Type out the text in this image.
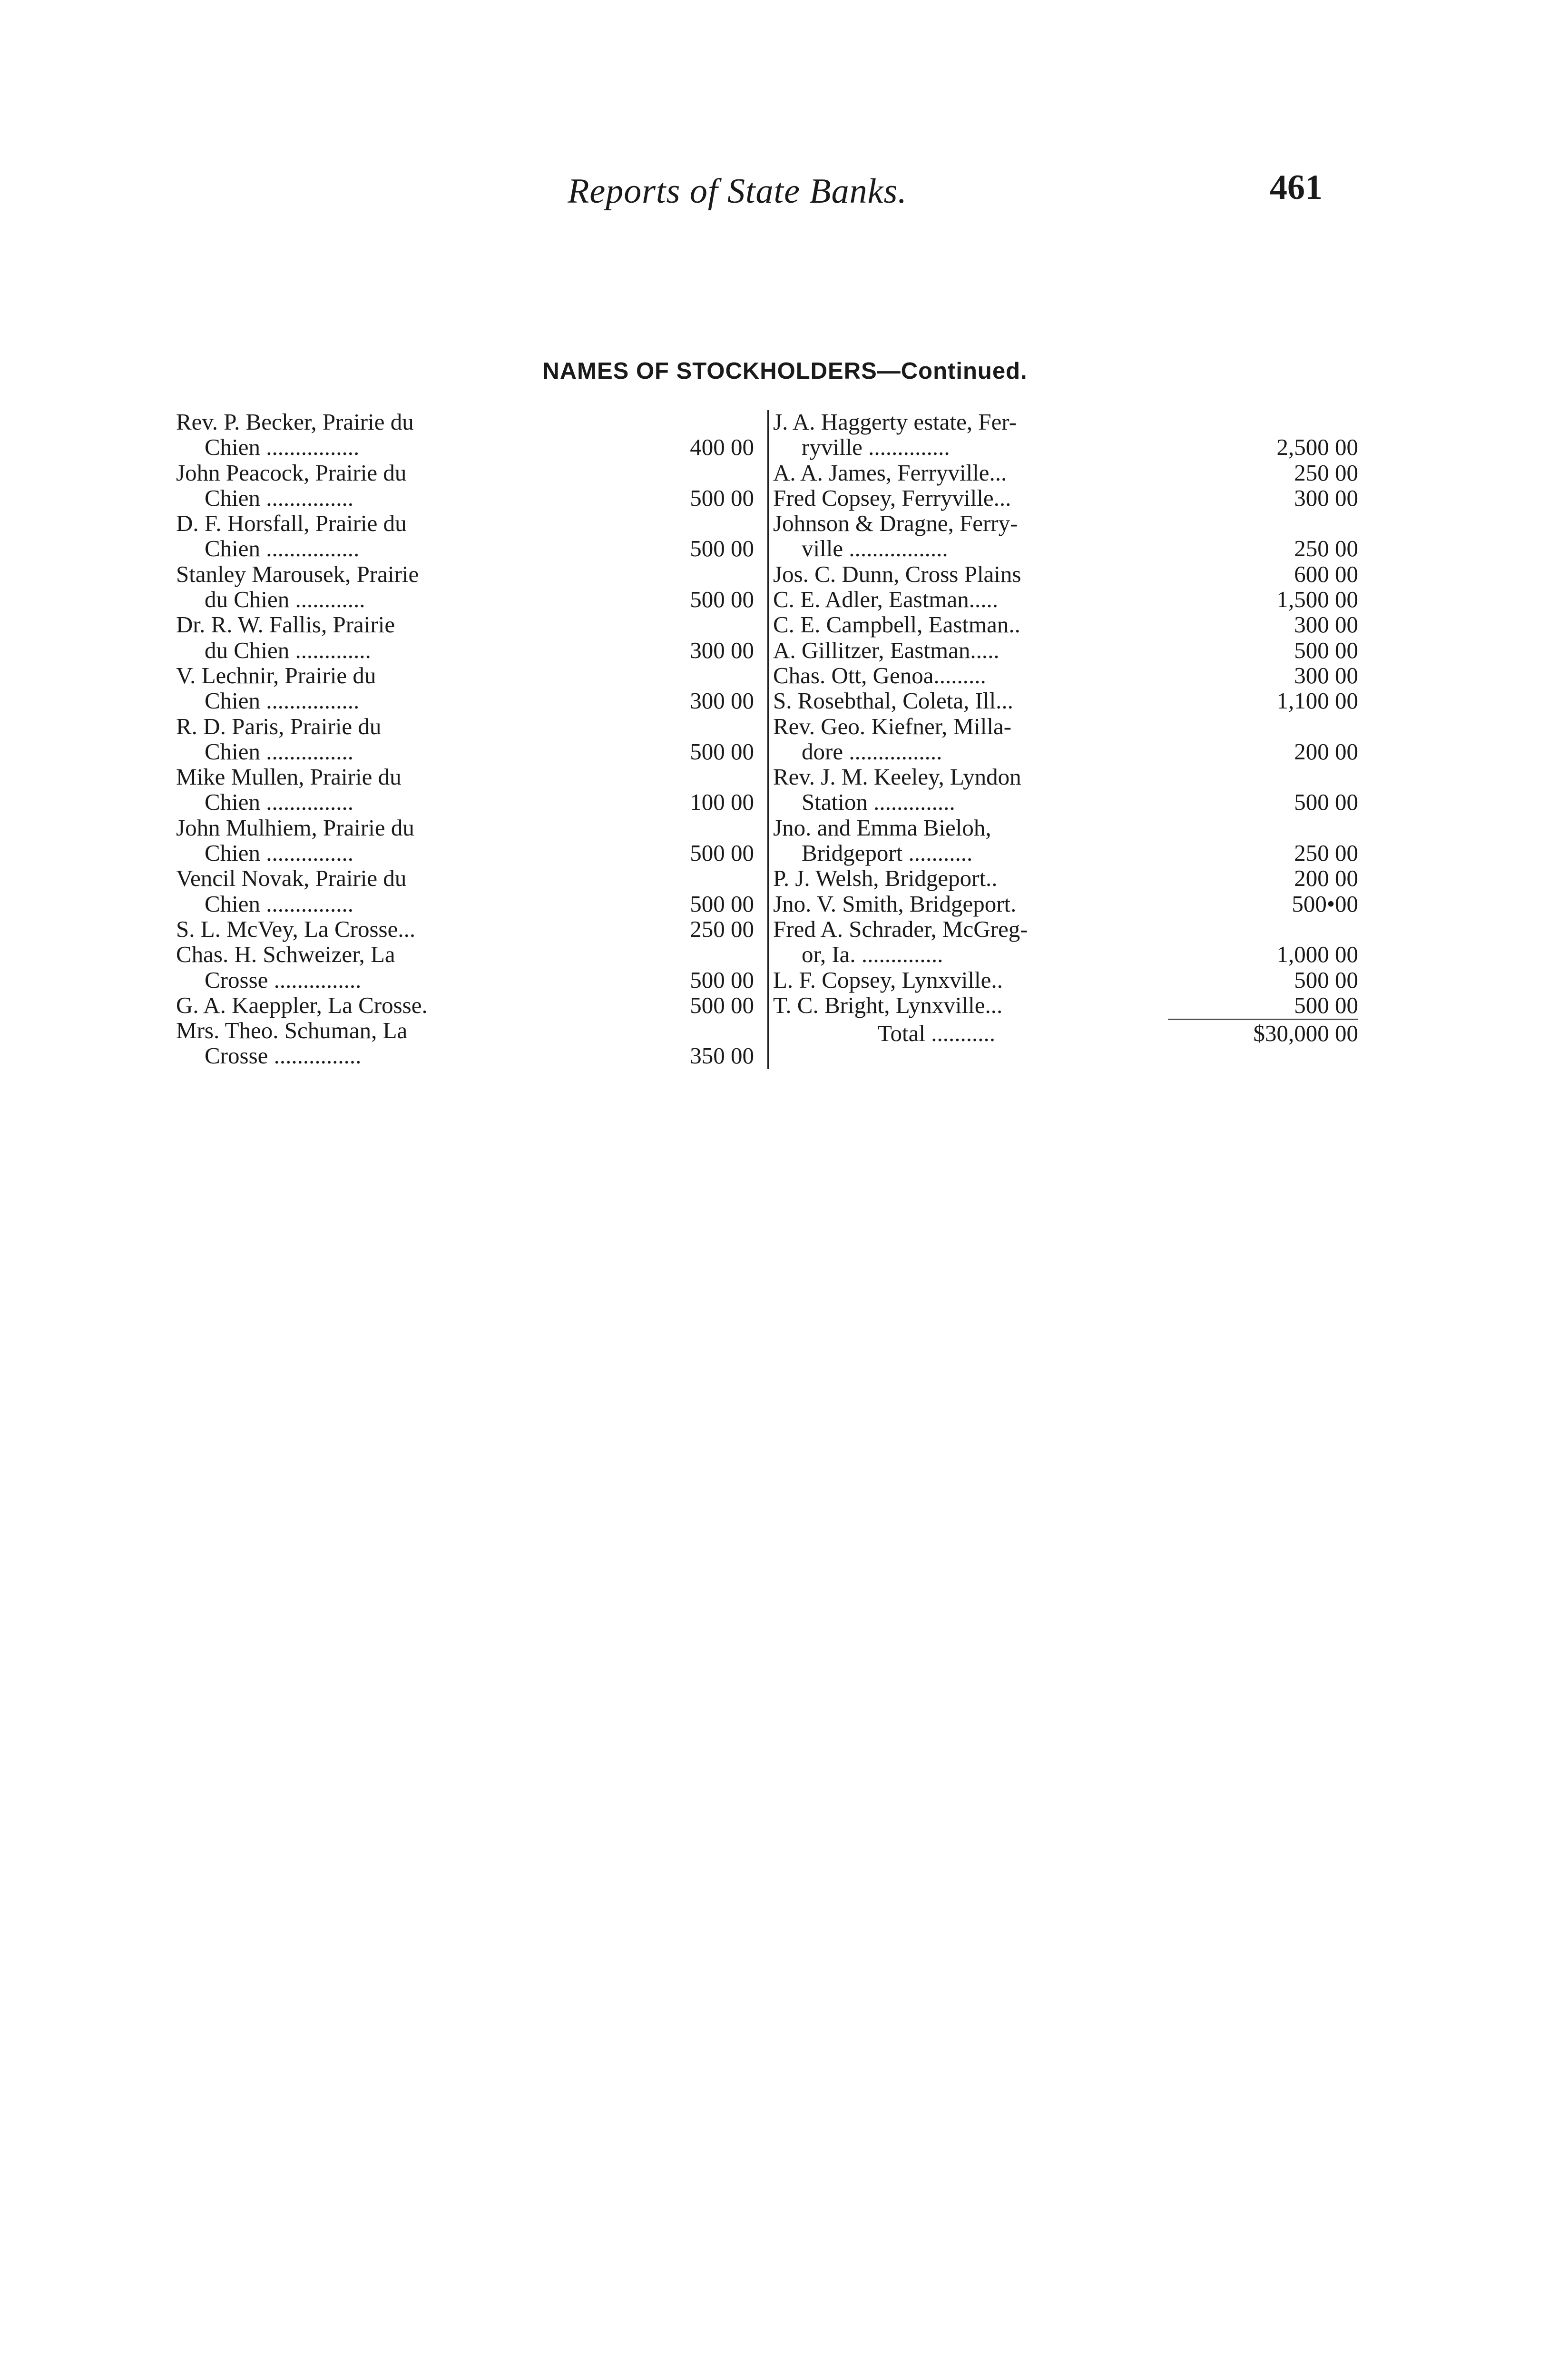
Reports of State Banks.	461
NAMES OF STOCKHOLDERS—Continued.
Rev. P. Becker, Prairie du
Chien ................	400 00
John Peacock, Prairie du
Chien ...............	500 00
D. F. Horsfall, Prairie du
Chien ................	500 00
Stanley Marousek, Prairie
du Chien ............	500 00
Dr. R. W. Fallis, Prairie
du Chien .............	300 00
V. Lechnir, Prairie du
Chien ................	300 00
R. D. Paris, Prairie du
Chien ...............	500 00
Mike Mullen, Prairie du
Chien ...............	100 00
John Mulhiem, Prairie du
Chien ...............	500 00
Vencil Novak, Prairie du
Chien ...............	500 00
S. L. McVey, La Crosse...	250 00
Chas. H. Schweizer, La
Crosse ...............	500 00
G. A. Kaeppler, La Crosse.	500 00
Mrs. Theo. Schuman, La
Crosse ...............	350 00
J. A. Haggerty estate, Fer-
ryville ..............	2,500 00
A. A. James, Ferryville...	250 00
Fred Copsey, Ferryville...	300 00
Johnson & Dragne, Ferry-
ville .................	250 00
Jos. C. Dunn, Cross Plains	600 00
C. E. Adler, Eastman.....	1,500 00
C. E. Campbell, Eastman..	300 00
A. Gillitzer, Eastman.....	500 00
Chas. Ott, Genoa.........	300 00
S. Rosebthal, Coleta, Ill...	1,100 00
Rev. Geo. Kiefner, Milla-
dore ................	200 00
Rev. J. M. Keeley, Lyndon
Station ..............	500 00
Jno. and Emma Bieloh,
Bridgeport ...........	250 00
P. J. Welsh, Bridgeport..	200 00
Jno. V. Smith, Bridgeport.	500•00
Fred A. Schrader, McGreg-
or, Ia. ..............	1,000 00
L. F. Copsey, Lynxville..	500 00
T. C. Bright, Lynxville...	500 00
Total ...........	$30,000 00
